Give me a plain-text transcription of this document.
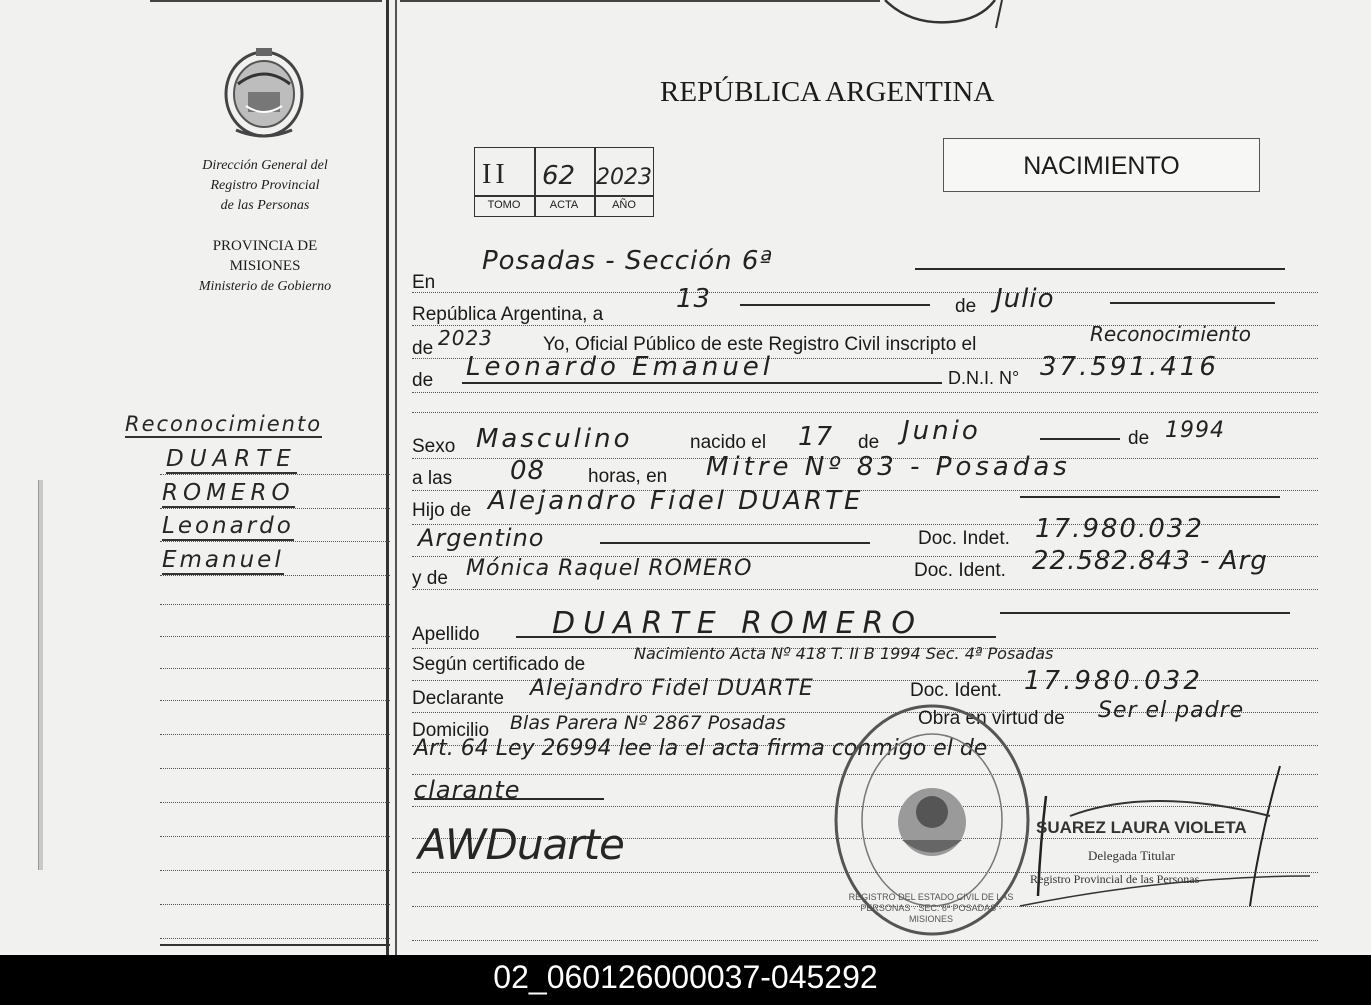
Dirección General del
Registro Provincial
de las Personas
PROVINCIA DE
MISIONES
Ministerio de Gobierno
Reconocimiento
DUARTE
ROMERO
Leonardo
Emanuel
REPÚBLICA ARGENTINA
NACIMIENTO
II 62 2023
TOMO	ACTA	AÑO
En
Posadas - Sección 6ª
República Argentina, a
13	de Julio
de 2023	Yo, Oficial Público de este Registro Civil inscripto el	Reconocimiento
de Leonardo Emanuel	D.N.I. N° 37.591.416
Sexo Masculino	nacido el 17 de Junio	de 1994
a las 08 horas, en Mitre Nº 83 - Posadas
Hijo de Alejandro Fidel DUARTE
Argentino	Doc. Indet. 17.980.032
y de Mónica Raquel ROMERO	Doc. Ident. 22.582.843 - Arg
Apellido DUARTE ROMERO
Según certificado de
Nacimiento Acta Nº 418 T. II B 1994 Sec. 4ª Posadas
Declarante Alejandro Fidel DUARTE	Doc. Ident. 17.980.032
Domicilio Blas Parera Nº 2867 Posadas	Obra en virtud de Ser el padre
Art. 64 Ley 26994 lee la el acta firma conmigo el de
clarante
REGISTRO DEL ESTADO CIVIL DE LAS PERSONAS · SEC. 6ª POSADAS · MISIONES
AWDuarte	SUAREZ LAURA VIOLETA
Delegada Titular
Registro Provincial de las Personas
02_060126000037-045292
